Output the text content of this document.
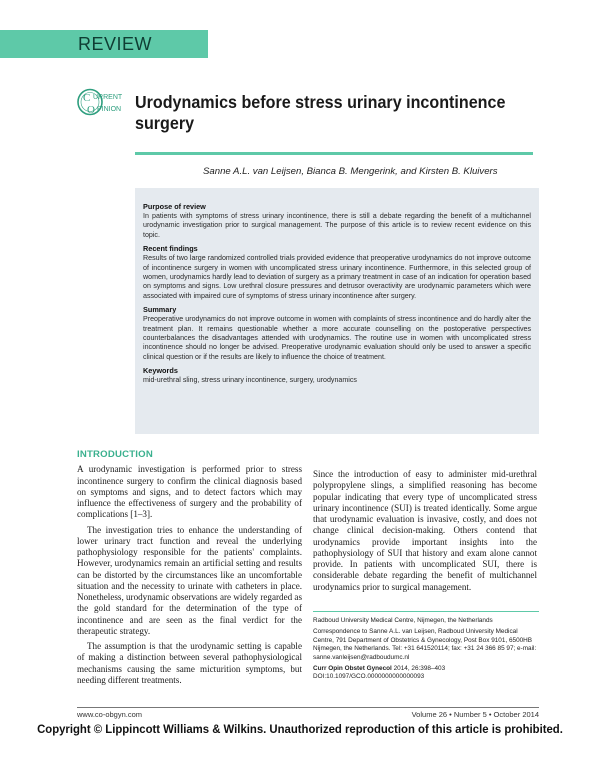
REVIEW
C
O
URRENT
PINION Urodynamics before stress urinary incontinence surgery
Sanne A.L. van Leijsen, Bianca B. Mengerink, and Kirsten B. Kluivers
Purpose of review

In patients with symptoms of stress urinary incontinence, there is still a debate regarding the benefit of a multichannel urodynamic investigation prior to surgical management. The purpose of this article is to review recent evidence on this topic.

Recent findings

Results of two large randomized controlled trials provided evidence that preoperative urodynamics do not improve outcome of incontinence surgery in women with uncomplicated stress urinary incontinence. Furthermore, in this selected group of women, urodynamics hardly lead to deviation of surgery as a primary treatment in case of an indication for operation based on symptoms and signs. Low urethral closure pressures and detrusor overactivity are urodynamic parameters which were associated with impaired cure of symptoms of stress urinary incontinence after surgery.

Summary

Preoperative urodynamics do not improve outcome in women with complaints of stress incontinence and do hardly alter the treatment plan. It remains questionable whether a more accurate counselling on the postoperative perspectives counterbalances the disadvantages attended with urodynamics. The routine use in women with uncomplicated stress incontinence should no longer be advised. Preoperative urodynamic evaluation should only be used to answer a specific clinical question or if the results are likely to influence the choice of treatment.

Keywords

mid-urethral sling, stress urinary incontinence, surgery, urodynamics

INTRODUCTION

A urodynamic investigation is performed prior to stress incontinence surgery to confirm the clinical diagnosis based on symptoms and signs, and to detect factors which may influence the effectiveness of surgery and the probability of complications [1–3].

The investigation tries to enhance the understanding of lower urinary tract function and reveal the underlying pathophysiology responsible for the patients' complaints. However, urodynamics remain an artificial setting and results can be distorted by the circumstances like an uncomfortable situation and the necessity to urinate with catheters in place. Nonetheless, urodynamic observations are widely regarded as the gold standard for the determination of the type of incontinence and are seen as the final verdict for the therapeutic strategy.

The assumption is that the urodynamic setting is capable of making a distinction between several pathophysiological mechanisms causing the same micturition symptoms, but needing different treatments.

Since the introduction of easy to administer mid-urethral polypropylene slings, a simplified reasoning has become popular indicating that every type of uncomplicated stress urinary incontinence (SUI) is treated identically. Some argue that urodynamic evaluation is invasive, costly, and does not change clinical decision-making. Others contend that urodynamics provide important insights into the pathophysiology of SUI that history and exam alone cannot provide. In patients with uncomplicated SUI, there is considerable debate regarding the benefit of multichannel urodynamics prior to surgical management.

Radboud University Medical Centre, Nijmegen, the Netherlands

Correspondence to Sanne A.L. van Leijsen, Radboud University Medical Centre, 791 Department of Obstetrics & Gynecology, Post Box 9101, 6500HB Nijmegen, the Netherlands. Tel: +31 641520114; fax: +31 24 366 85 97; e-mail: sanne.vanleijsen@radboudumc.nl

Curr Opin Obstet Gynecol 2014, 26:398–403

DOI:10.1097/GCO.0000000000000093

www.co-obgyn.com	Volume 26 • Number 5 • October 2014
Copyright © Lippincott Williams & Wilkins. Unauthorized reproduction of this article is prohibited.
